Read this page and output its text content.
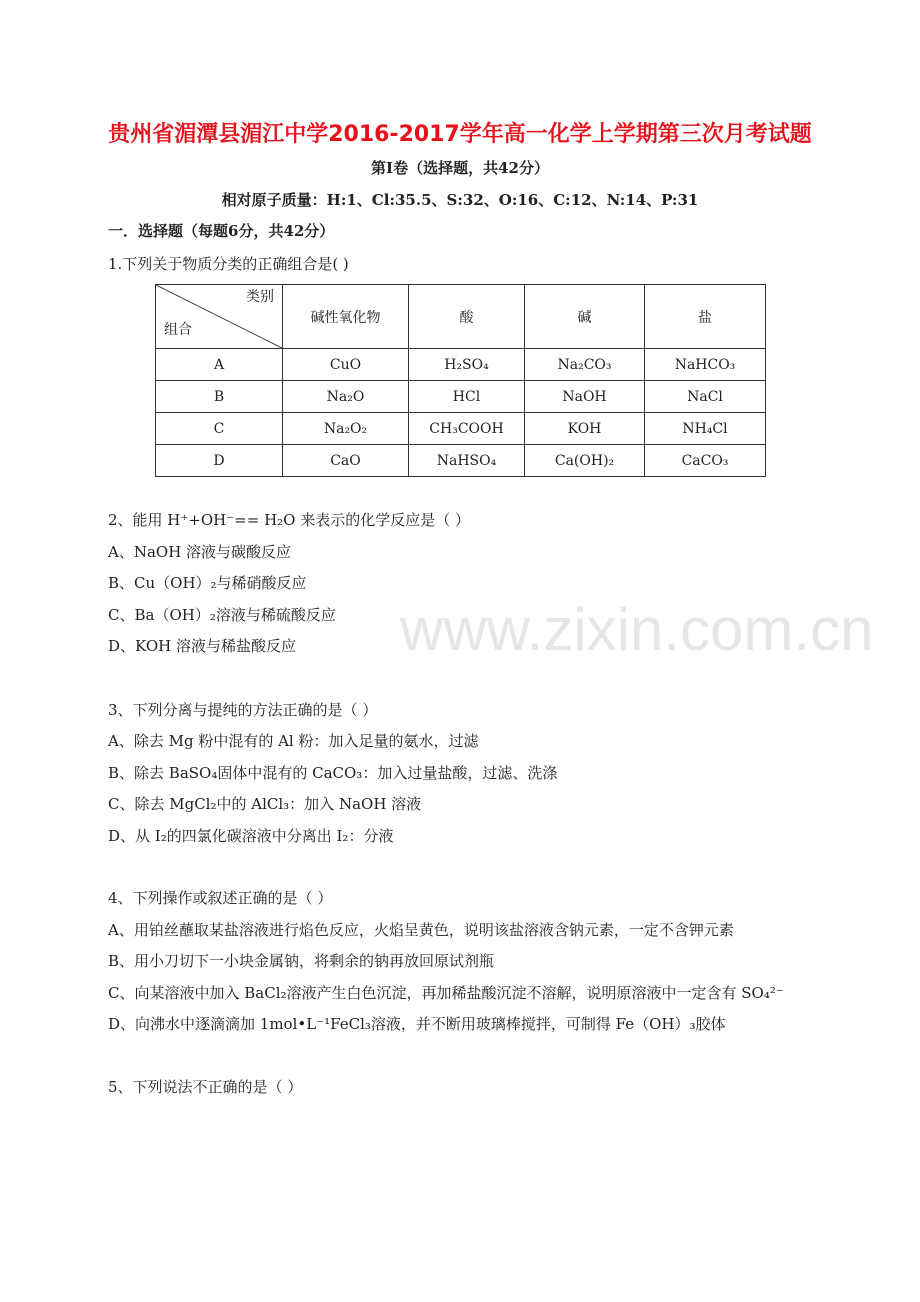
www.zixin.com.cn
贵州省湄潭县湄江中学2016-2017学年高一化学上学期第三次月考试题
第Ⅰ卷（选择题，共42分）
相对原子质量：H:1、Cl:35.5、S:32、O:16、C:12、N:14、P:31
一．选择题（每题6分，共42分）
1.下列关于物质分类的正确组合是( )
类别
组合	碱性氧化物	酸	碱	盐
A	CuO	H₂SO₄	Na₂CO₃	NaHCO₃
B	Na₂O	HCl	NaOH	NaCl
C	Na₂O₂	CH₃COOH	KOH	NH₄Cl
D	CaO	NaHSO₄	Ca(OH)₂	CaCO₃
2、能用 H⁺+OH⁻== H₂O 来表示的化学反应是（ ）
A、NaOH 溶液与碳酸反应
B、Cu（OH）₂与稀硝酸反应
C、Ba（OH）₂溶液与稀硫酸反应
D、KOH 溶液与稀盐酸反应
3、下列分离与提纯的方法正确的是（ ）
A、除去 Mg 粉中混有的 Al 粉：加入足量的氨水，过滤
B、除去 BaSO₄固体中混有的 CaCO₃：加入过量盐酸，过滤、洗涤
C、除去 MgCl₂中的 AlCl₃：加入 NaOH 溶液
D、从 I₂的四氯化碳溶液中分离出 I₂：分液
4、下列操作或叙述正确的是（ ）
A、用铂丝蘸取某盐溶液进行焰色反应，火焰呈黄色，说明该盐溶液含钠元素，一定不含钾元素
B、用小刀切下一小块金属钠，将剩余的钠再放回原试剂瓶
C、向某溶液中加入 BaCl₂溶液产生白色沉淀，再加稀盐酸沉淀不溶解，说明原溶液中一定含有 SO₄²⁻
D、向沸水中逐滴滴加 1mol•L⁻¹FeCl₃溶液，并不断用玻璃棒搅拌，可制得 Fe（OH）₃胶体
5、下列说法不正确的是（ ）
